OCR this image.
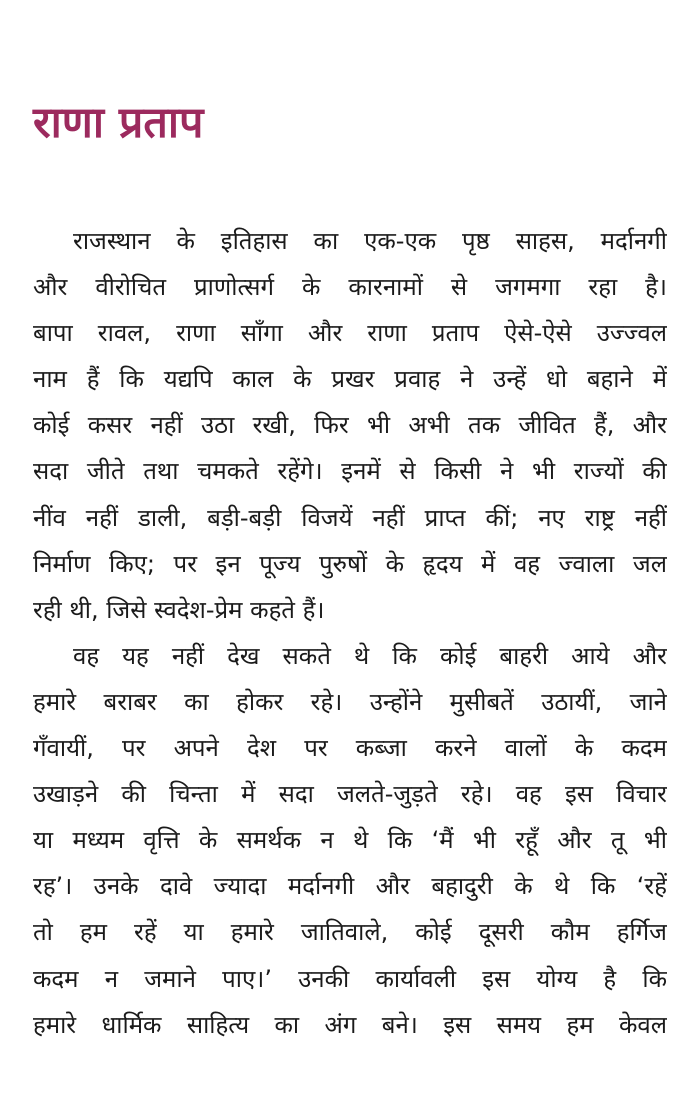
राणा प्रताप
राजस्थान के इतिहास का एक-एक पृष्ठ साहस, मर्दानगी
और वीरोचित प्राणोत्सर्ग के कारनामों से जगमगा रहा है।
बापा रावल, राणा साँगा और राणा प्रताप ऐसे-ऐसे उज्ज्वल
नाम हैं कि यद्यपि काल के प्रखर प्रवाह ने उन्हें धो बहाने में
कोई कसर नहीं उठा रखी, फिर भी अभी तक जीवित हैं, और
सदा जीते तथा चमकते रहेंगे। इनमें से किसी ने भी राज्यों की
नींव नहीं डाली, बड़ी-बड़ी विजयें नहीं प्राप्त कीं; नए राष्ट्र नहीं
निर्माण किए; पर इन पूज्य पुरुषों के हृदय में वह ज्वाला जल
रही थी, जिसे स्वदेश-प्रेम कहते हैं।
वह यह नहीं देख सकते थे कि कोई बाहरी आये और
हमारे बराबर का होकर रहे। उन्होंने मुसीबतें उठायीं, जाने
गँवायीं, पर अपने देश पर कब्जा करने वालों के कदम
उखाड़ने की चिन्ता में सदा जलते-जुड़ते रहे। वह इस विचार
या मध्यम वृत्ति के समर्थक न थे कि ‘मैं भी रहूँ और तू भी
रह’। उनके दावे ज्यादा मर्दानगी और बहादुरी के थे कि ‘रहें
तो हम रहें या हमारे जातिवाले, कोई दूसरी कौम हर्गिज
कदम न जमाने पाए।’ उनकी कार्यावली इस योग्य है कि
हमारे धार्मिक साहित्य का अंग बने। इस समय हम केवल
